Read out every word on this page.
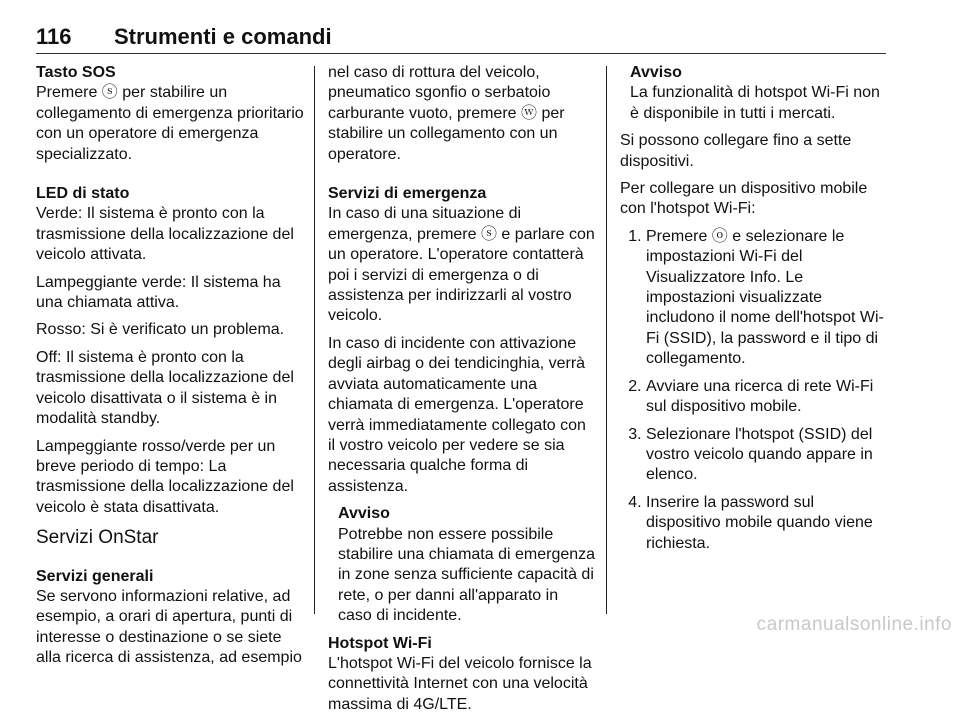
116 Strumenti e comandi
Tasto SOS

Premere ⓢ per stabilire un collegamento di emergenza prioritario con un operatore di emergenza specializzato.

LED di stato

Verde: Il sistema è pronto con la trasmissione della localizzazione del veicolo attivata.

Lampeggiante verde: Il sistema ha una chiamata attiva.

Rosso: Si è verificato un problema.

Off: Il sistema è pronto con la trasmissione della localizzazione del veicolo disattivata o il sistema è in modalità standby.

Lampeggiante rosso/verde per un breve periodo di tempo: La trasmissione della localizzazione del veicolo è stata disattivata.

Servizi OnStar
Servizi generali

Se servono informazioni relative, ad esempio, a orari di apertura, punti di interesse o destinazione o se siete alla ricerca di assistenza, ad esempio

nel caso di rottura del veicolo, pneumatico sgonfio o serbatoio carburante vuoto, premere ⓦ per stabilire un collegamento con un operatore.

Servizi di emergenza

In caso di una situazione di emergenza, premere ⓢ e parlare con un operatore. L'operatore contatterà poi i servizi di emergenza o di assistenza per indirizzarli al vostro veicolo.

In caso di incidente con attivazione degli airbag o dei tendicinghia, verrà avviata automaticamente una chiamata di emergenza. L'operatore verrà immediatamente collegato con il vostro veicolo per vedere se sia necessaria qualche forma di assistenza.

Avviso

Potrebbe non essere possibile stabilire una chiamata di emergenza in zone senza sufficiente capacità di rete, o per danni all'apparato in caso di incidente.

Hotspot Wi-Fi

L'hotspot Wi-Fi del veicolo fornisce la connettività Internet con una velocità massima di 4G/LTE.

Avviso

La funzionalità di hotspot Wi-Fi non è disponibile in tutti i mercati.

Si possono collegare fino a sette dispositivi.

Per collegare un dispositivo mobile con l'hotspot Wi-Fi:

1. Premere ⓞ e selezionare le impostazioni Wi-Fi del Visualizzatore Info. Le impostazioni visualizzate includono il nome dell'hotspot Wi-Fi (SSID), la password e il tipo di collegamento.
2. Avviare una ricerca di rete Wi-Fi sul dispositivo mobile.
3. Selezionare l'hotspot (SSID) del vostro veicolo quando appare in elenco.
4. Inserire la password sul dispositivo mobile quando viene richiesta.
carmanualsonline.info
